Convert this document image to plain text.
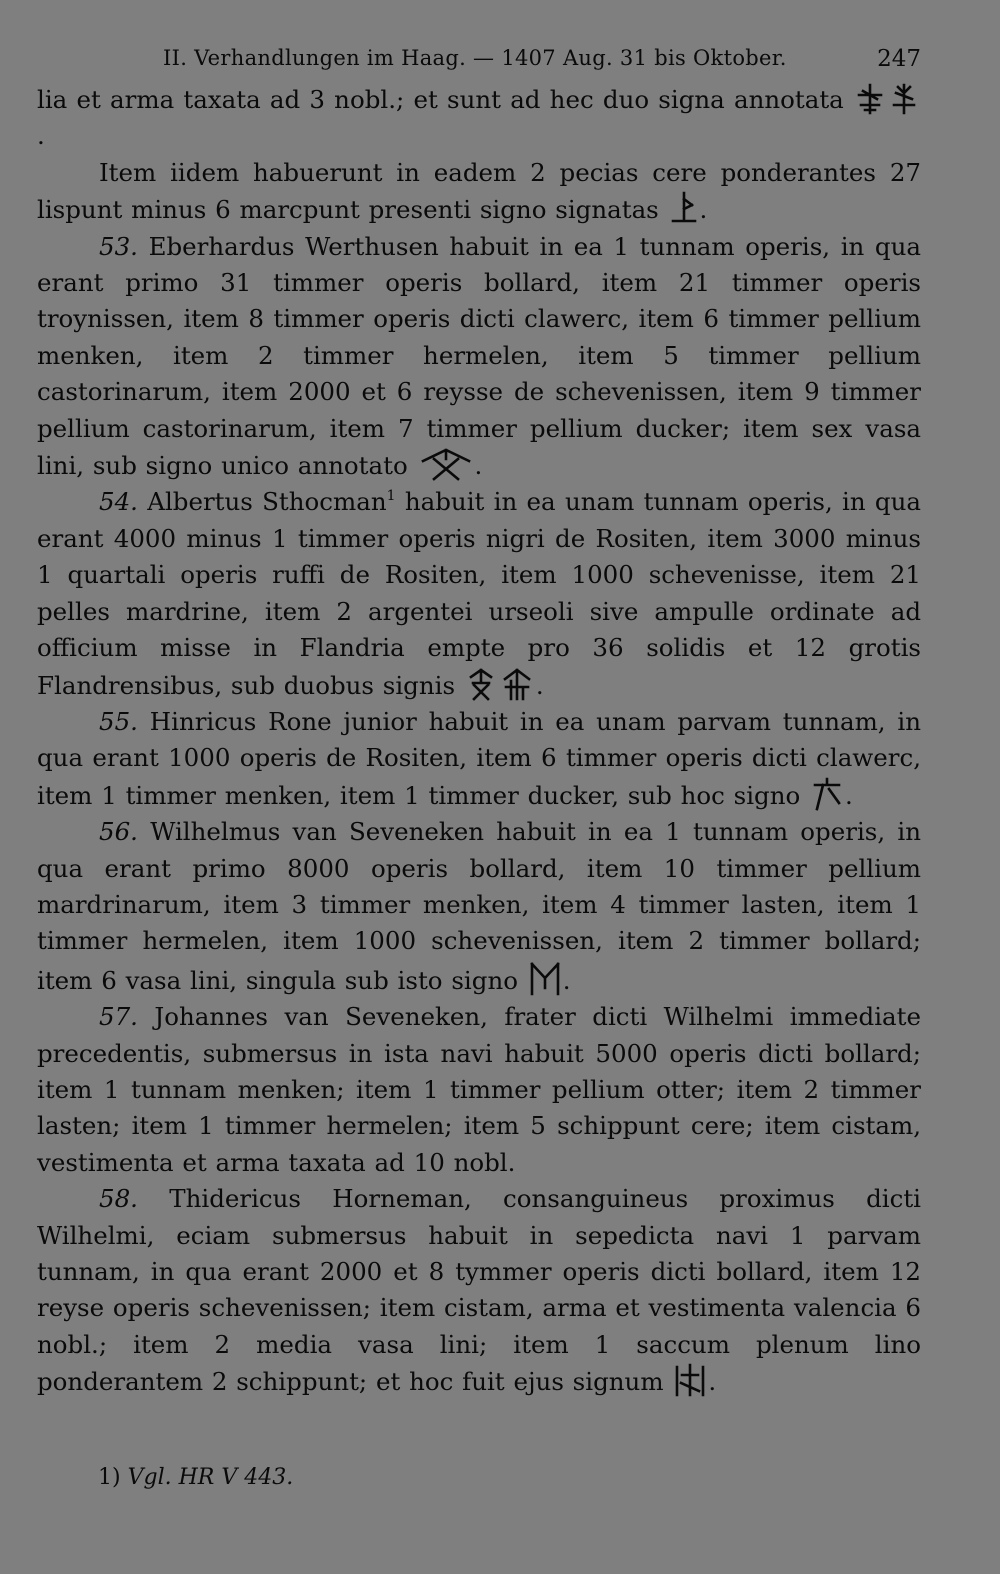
II. Verhandlungen im Haag. — 1407 Aug. 31 bis Oktober.	247

lia et arma taxata ad 3 nobl.; et sunt ad hec duo signa annotata
.

Item iidem habuerunt in eadem 2 pecias cere ponderantes 27 lispunt minus 6 marcpunt presenti signo signatas
.

53. Eberhardus Werthusen habuit in ea 1 tunnam operis, in qua erant primo 31 timmer operis bollard, item 21 timmer operis troynissen, item 8 timmer operis dicti clawerc, item 6 timmer pellium menken, item 2 timmer hermelen, item 5 timmer pellium castorinarum, item 2000 et 6 reysse de schevenissen, item 9 timmer pellium castorinarum, item 7 timmer pellium ducker; item sex vasa lini, sub signo unico annotato
.

54. Albertus Sthocman$^1$ habuit in ea unam tunnam operis, in qua erant 4000 minus 1 timmer operis nigri de Rositen, item 3000 minus 1 quartali operis ruffi de Rositen, item 1000 schevenisse, item 21 pelles mardrine, item 2 argentei urseoli sive ampulle ordinate ad officium misse in Flandria empte pro 36 solidis et 12 grotis Flandrensibus, sub duobus signis	.

55. Hinricus Rone junior habuit in ea unam parvam tunnam, in qua erant 1000 operis de Rositen, item 6 timmer operis dicti clawerc, item 1 timmer menken, item 1 timmer ducker, sub hoc signo
.

56. Wilhelmus van Seveneken habuit in ea 1 tunnam operis, in qua erant primo 8000 operis bollard, item 10 timmer pellium mardrinarum, item 3 timmer menken, item 4 timmer lasten, item 1 timmer hermelen, item 1000 schevenissen, item 2 timmer bollard; item 6 vasa lini, singula sub isto signo
.

57. Johannes van Seveneken, frater dicti Wilhelmi immediate precedentis, submersus in ista navi habuit 5000 operis dicti bollard; item 1 tunnam menken; item 1 timmer pellium otter; item 2 timmer lasten; item 1 timmer hermelen; item 5 schippunt cere; item cistam, vestimenta et arma taxata ad 10 nobl.

58. Thidericus Horneman, consanguineus proximus dicti Wilhelmi, eciam submersus habuit in sepedicta navi 1 parvam tunnam, in qua erant 2000 et 8 tymmer operis dicti bollard, item 12 reyse operis schevenissen; item cistam, arma et vestimenta valencia 6 nobl.; item 2 media vasa lini; item 1 saccum plenum lino ponderantem 2 schippunt; et hoc fuit ejus signum
.

1) Vgl. HR V 443.
